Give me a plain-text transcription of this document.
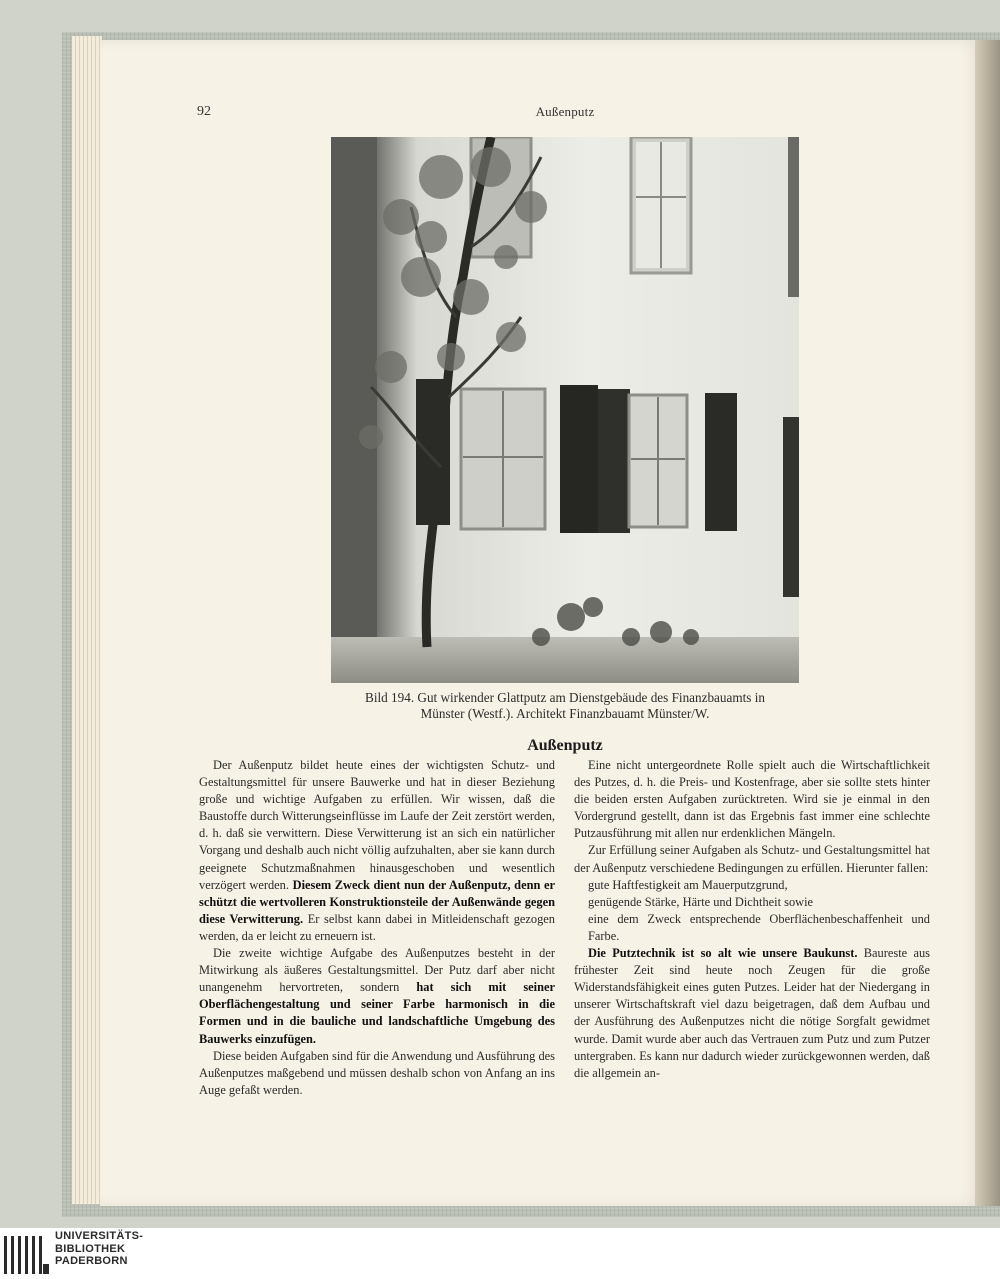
92	Außenputz
Bild 194. Gut wirkender Glattputz am Dienstgebäude des Finanzbauamts in
Münster (Westf.). Architekt Finanzbauamt Münster/W.
Außenputz

Der Außenputz bildet heute eines der wichtigsten Schutz- und Gestaltungsmittel für unsere Bauwerke und hat in dieser Beziehung große und wichtige Aufgaben zu erfüllen. Wir wissen, daß die Baustoffe durch Witterungseinflüsse im Laufe der Zeit zerstört werden, d. h. daß sie verwittern. Diese Verwitterung ist an sich ein natürlicher Vorgang und deshalb auch nicht völlig aufzuhalten, aber sie kann durch geeignete Schutzmaßnahmen hinausgeschoben und wesentlich verzögert werden. Diesem Zweck dient nun der Außenputz, denn er schützt die wertvolleren Konstruktionsteile der Außenwände gegen diese Verwitterung. Er selbst kann dabei in Mitleidenschaft gezogen werden, da er leicht zu erneuern ist.

Die zweite wichtige Aufgabe des Außenputzes besteht in der Mitwirkung als äußeres Gestaltungsmittel. Der Putz darf aber nicht unangenehm hervortreten, sondern hat sich mit seiner Oberflächengestaltung und seiner Farbe harmonisch in die Formen und in die bauliche und landschaftliche Umgebung des Bauwerks einzufügen.

Diese beiden Aufgaben sind für die Anwendung und Ausführung des Außenputzes maßgebend und müssen deshalb schon von Anfang an ins Auge gefaßt werden.

Eine nicht untergeordnete Rolle spielt auch die Wirtschaftlichkeit des Putzes, d. h. die Preis- und Kostenfrage, aber sie sollte stets hinter die beiden ersten Aufgaben zurücktreten. Wird sie je einmal in den Vordergrund gestellt, dann ist das Ergebnis fast immer eine schlechte Putzausführung mit allen nur erdenklichen Mängeln.

Zur Erfüllung seiner Aufgaben als Schutz- und Gestaltungsmittel hat der Außenputz verschiedene Bedingungen zu erfüllen. Hierunter fallen:

gute Haftfestigkeit am Mauerputzgrund,

genügende Stärke, Härte und Dichtheit sowie

eine dem Zweck entsprechende Oberflächenbeschaffenheit und Farbe.

Die Putztechnik ist so alt wie unsere Baukunst. Baureste aus frühester Zeit sind heute noch Zeugen für die große Widerstandsfähigkeit eines guten Putzes. Leider hat der Niedergang in unserer Wirtschaftskraft viel dazu beigetragen, daß dem Aufbau und der Ausführung des Außenputzes nicht die nötige Sorgfalt gewidmet wurde. Damit wurde aber auch das Vertrauen zum Putz und zum Putzer untergraben. Es kann nur dadurch wieder zurückgewonnen werden, daß die allgemein an-

UNIVERSITÄTS-
BIBLIOTHEK
PADERBORN
